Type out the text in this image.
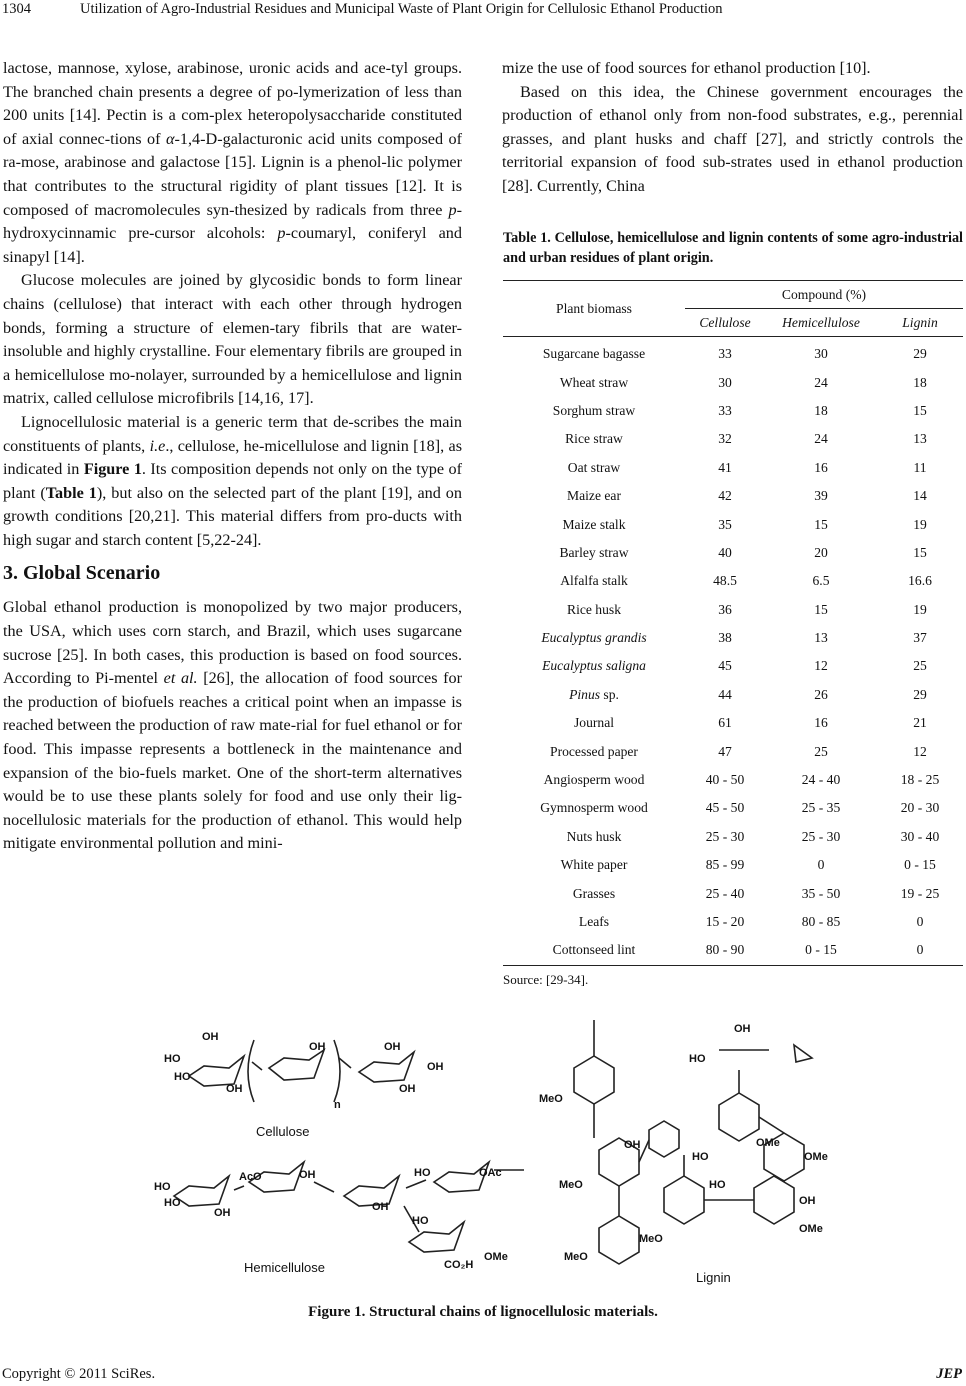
1304	Utilization of Agro-Industrial Residues and Municipal Waste of Plant Origin for Cellulosic Ethanol Production

lactose, mannose, xylose, arabinose, uronic acids and ace-tyl groups. The branched chain presents a degree of po-lymerization of less than 200 units [14]. Pectin is a com-plex heteropolysaccharide constituted of axial connec-tions of α-1,4-D-galacturonic acid units composed of ra-mose, arabinose and galactose [15]. Lignin is a phenol-lic polymer that contributes to the structural rigidity of plant tissues [12]. It is composed of macromolecules syn-thesized by radicals from three p-hydroxycinnamic pre-cursor alcohols: p-coumaryl, coniferyl and sinapyl [14].

Glucose molecules are joined by glycosidic bonds to form linear chains (cellulose) that interact with each other through hydrogen bonds, forming a structure of elemen-tary fibrils that are water-insoluble and highly crystalline. Four elementary fibrils are grouped in a hemicellulose mo-nolayer, surrounded by a hemicellulose and lignin matrix, called cellulose microfibrils [14,16, 17].

Lignocellulosic material is a generic term that de-scribes the main constituents of plants, i.e., cellulose, he-micellulose and lignin [18], as indicated in Figure 1. Its composition depends not only on the type of plant (Table 1), but also on the selected part of the plant [19], and on growth conditions [20,21]. This material differs from pro-ducts with high sugar and starch content [5,22-24].

3. Global Scenario

Global ethanol production is monopolized by two major producers, the USA, which uses corn starch, and Brazil, which uses sugarcane sucrose [25]. In both cases, this production is based on food sources. According to Pi-mentel et al. [26], the allocation of food sources for the production of biofuels reaches a critical point when an impasse is reached between the production of raw mate-rial for fuel ethanol or for food. This impasse represents a bottleneck in the maintenance and expansion of the bio-fuels market. One of the short-term alternatives would be to use these plants solely for food and use only their lig-nocellulosic materials for the production of ethanol. This would help mitigate environmental pollution and mini-

mize the use of food sources for ethanol production [10].

Based on this idea, the Chinese government encourages the production of ethanol only from non-food substrates, e.g., perennial grasses, and plant husks and chaff [27], and strictly controls the territorial expansion of food sub-strates used in ethanol production [28]. Currently, China

Table 1. Cellulose, hemicellulose and lignin contents of some agro-industrial and urban residues of plant origin.
Plant biomass	Compound (%)		
	Cellulose	Hemicellulose	Lignin
Sugarcane bagasse	33	30	29
Wheat straw	30	24	18
Sorghum straw	33	18	15
Rice straw	32	24	13
Oat straw	41	16	11
Maize ear	42	39	14
Maize stalk	35	15	19
Barley straw	40	20	15
Alfalfa stalk	48.5	6.5	16.6
Rice husk	36	15	19
Eucalyptus grandis	38	13	37
Eucalyptus saligna	45	12	25
Pinus sp.	44	26	29
Journal	61	16	21
Processed paper	47	25	12
Angiosperm wood	40 - 50	24 - 40	18 - 25
Gymnosperm wood	45 - 50	25 - 35	20 - 30
Nuts husk	25 - 30	25 - 30	30 - 40
White paper	85 - 99	0	0 - 15
Grasses	25 - 40	35 - 50	19 - 25
Leafs	15 - 20	80 - 85	0
Cottonseed lint	80 - 90	0 - 15	0
Source: [29-34].
OH
HO
HO
OH
OH
n
OH
OH
OH
HO
HO
AcO	OH
OH
HO	OAc
OH
HO
CO₂H
OMe
MeO
OH
HO
OMe
HO	OMe
OH
MeO
OH
OMe
MeO
MeO
HO
Cellulose
Hemicellulose
Lignin
Figure 1. Structural chains of lignocellulosic materials.
Copyright © 2011 SciRes.	JEP
